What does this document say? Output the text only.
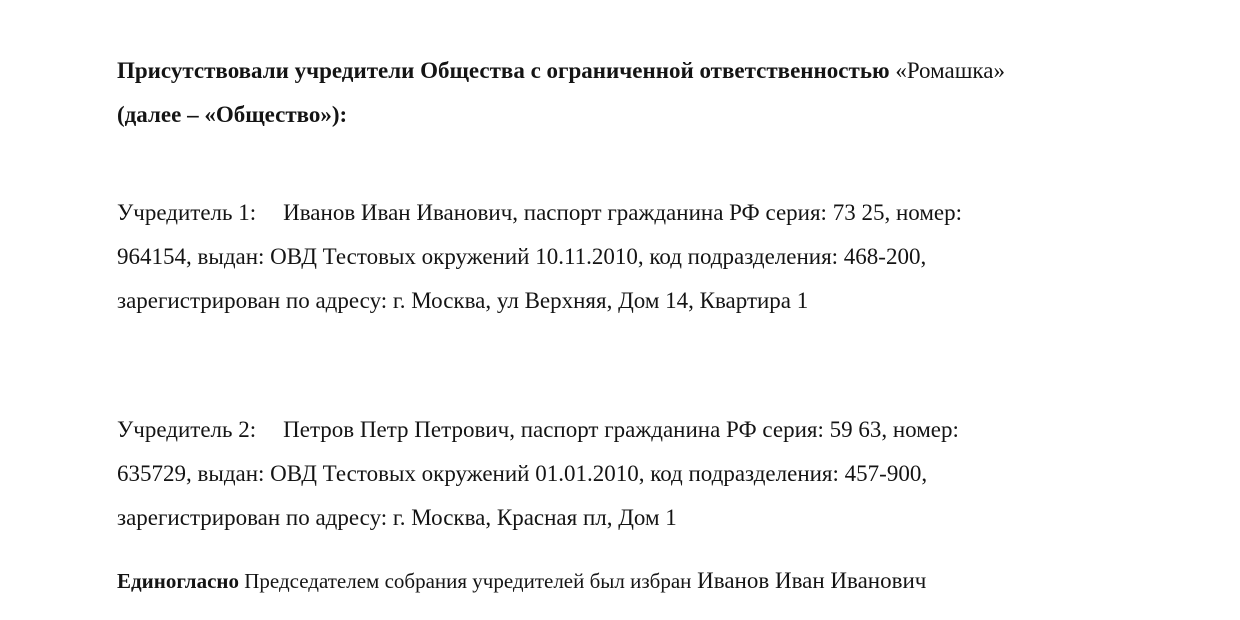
Присутствовали учредители Общества с ограниченной ответственностью «Ромашка»
(далее – «Общество»):
Учредитель 1: Иванов Иван Иванович, паспорт гражданина РФ серия: 73 25, номер:
964154, выдан: ОВД Тестовых окружений 10.11.2010, код подразделения: 468-200,
зарегистрирован по адресу: г. Москва, ул Верхняя, Дом 14, Квартира 1
Учредитель 2: Петров Петр Петрович, паспорт гражданина РФ серия: 59 63, номер:
635729, выдан: ОВД Тестовых окружений 01.01.2010, код подразделения: 457-900,
зарегистрирован по адресу: г. Москва, Красная пл, Дом 1
Единогласно Председателем собрания учредителей был избран Иванов Иван Иванович
